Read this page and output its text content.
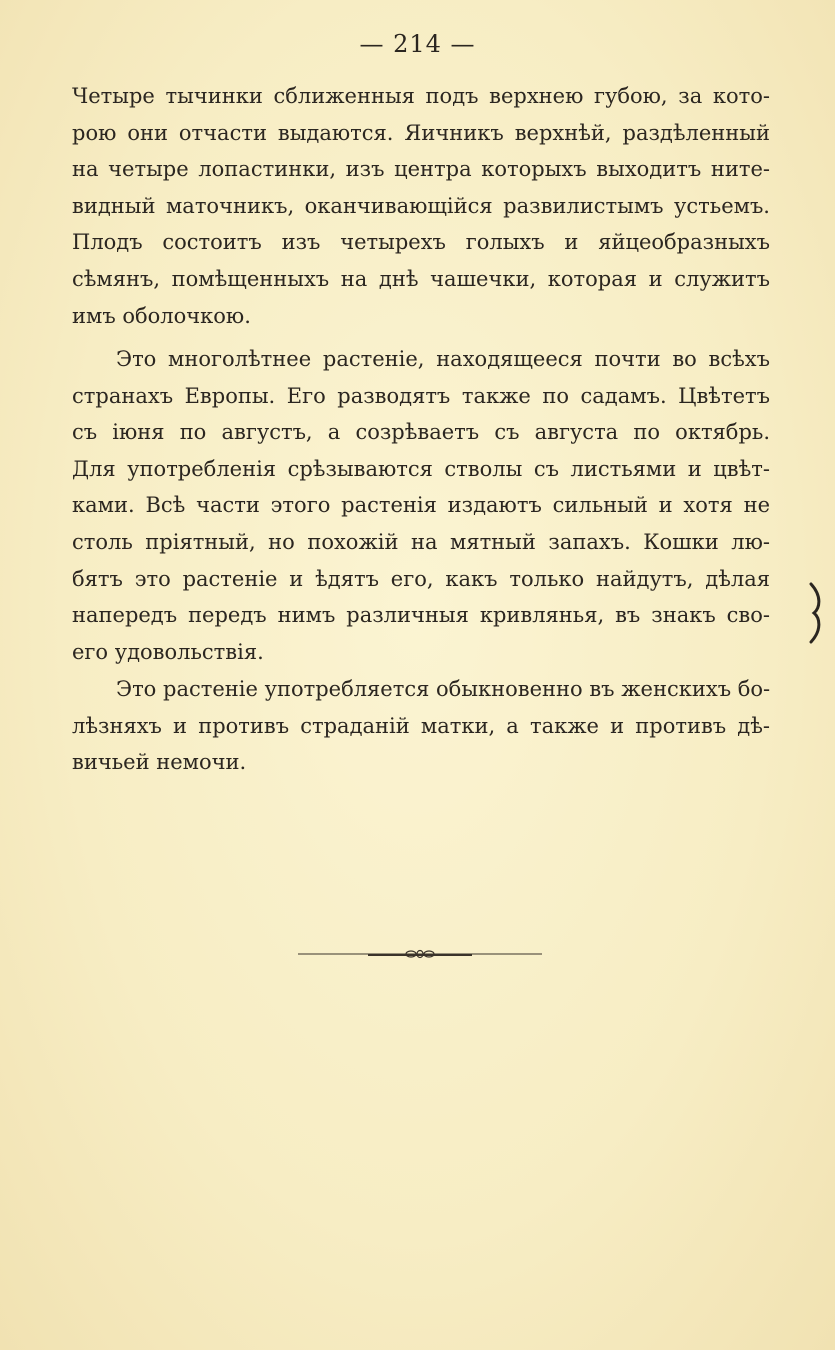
— 214 —
Четыре тычинки сближенныя подъ верхнею губою, за кото-
рою они отчасти выдаются. Яичникъ верхнѣй, раздѣленный
на четыре лопастинки, изъ центра которыхъ выходитъ ните-
видный маточникъ, оканчивающійся развилистымъ устьемъ.
Плодъ состоитъ изъ четырехъ голыхъ и яйцеобразныхъ
сѣмянъ, помѣщенныхъ на днѣ чашечки, которая и служитъ
имъ оболочкою.
Это многолѣтнее растеніе, находящееся почти во всѣхъ
странахъ Европы. Его разводятъ также по садамъ. Цвѣтетъ
съ іюня по августъ, а созрѣваетъ съ августа по октябрь.
Для употребленія срѣзываются стволы съ листьями и цвѣт-
ками. Всѣ части этого растенія издаютъ сильный и хотя не
столь пріятный, но похожій на мятный запахъ. Кошки лю-
бятъ это растеніе и ѣдятъ его, какъ только найдутъ, дѣлая
напередъ передъ нимъ различныя кривлянья, въ знакъ сво-
его удовольствія.
Это растеніе употребляется обыкновенно въ женскихъ бо-
лѣзняхъ и противъ страданій матки, а также и противъ дѣ-
вичьей немочи.
